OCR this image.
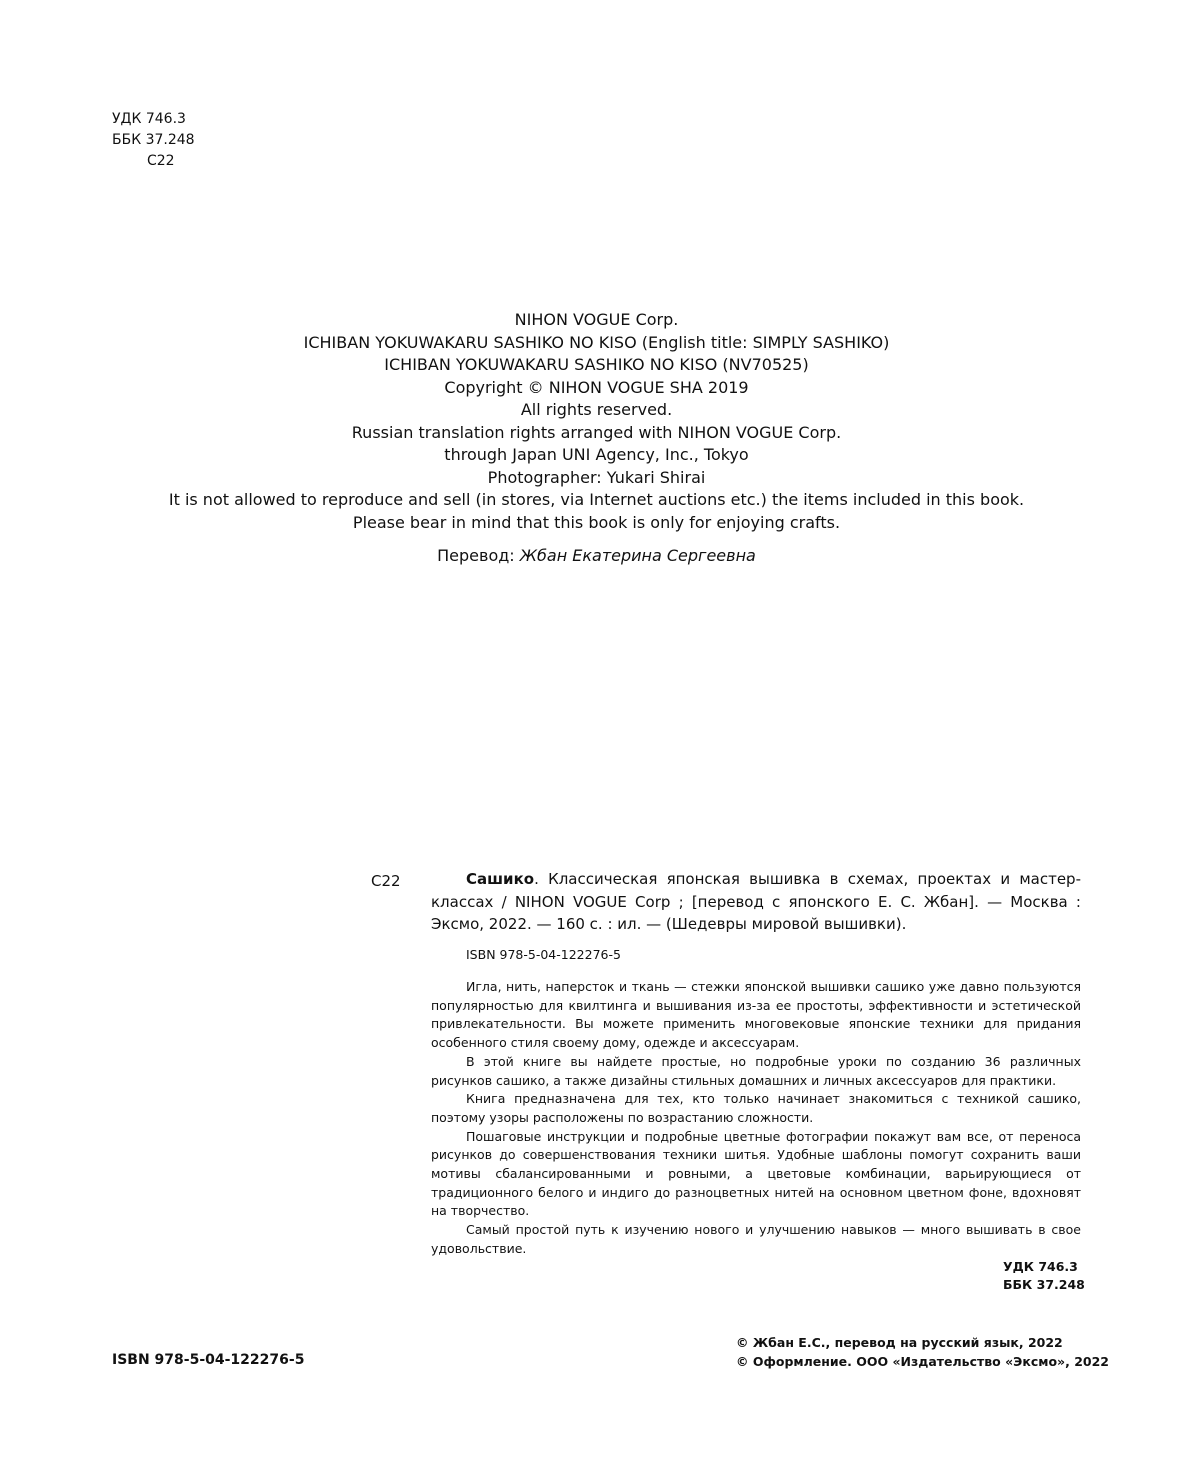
УДК 746.3
ББК 37.248
С22
NIHON VOGUE Corp.
ICHIBAN YOKUWAKARU SASHIKO NO KISO (English title: SIMPLY SASHIKO)
ICHIBAN YOKUWAKARU SASHIKO NO KISO (NV70525)
Copyright © NIHON VOGUE SHA 2019
All rights reserved.
Russian translation rights arranged with NIHON VOGUE Corp.
through Japan UNI Agency, Inc., Tokyo
Photographer: Yukari Shirai
It is not allowed to reproduce and sell (in stores, via Internet auctions etc.) the items included in this book.
Please bear in mind that this book is only for enjoying crafts.
Перевод: Жбан Екатерина Сергеевна
С22	Сашико. Классическая японская вышивка в схемах, проектах и мастер-классах / NIHON VOGUE Corp ; [перевод с японского Е. С. Жбан]. — Москва : Эксмо, 2022. — 160 с. : ил. — (Шедевры мировой вышивки).
ISBN 978-5-04-122276-5

Игла, нить, наперсток и ткань — стежки японской вышивки сашико уже давно пользуются популярностью для квилтинга и вышивания из-за ее простоты, эффективности и эстетической привлекательности. Вы можете применить многовековые японские техники для придания особенного стиля своему дому, одежде и аксессуарам.

В этой книге вы найдете простые, но подробные уроки по созданию 36 различных рисунков сашико, а также дизайны стильных домашних и личных аксессуаров для практики.

Книга предназначена для тех, кто только начинает знакомиться с техникой сашико, поэтому узоры расположены по возрастанию сложности.

Пошаговые инструкции и подробные цветные фотографии покажут вам все, от переноса рисунков до совершенствования техники шитья. Удобные шаблоны помогут сохранить ваши мотивы сбалансированными и ровными, а цветовые комбинации, варьирующиеся от традиционного белого и индиго до разноцветных нитей на основном цветном фоне, вдохновят на творчество.

Самый простой путь к изучению нового и улучшению навыков — много вышивать в свое удовольствие.

УДК 746.3
ББК 37.248
ISBN 978-5-04-122276-5
© Жбан Е.С., перевод на русский язык, 2022
© Оформление. ООО «Издательство «Эксмо», 2022
